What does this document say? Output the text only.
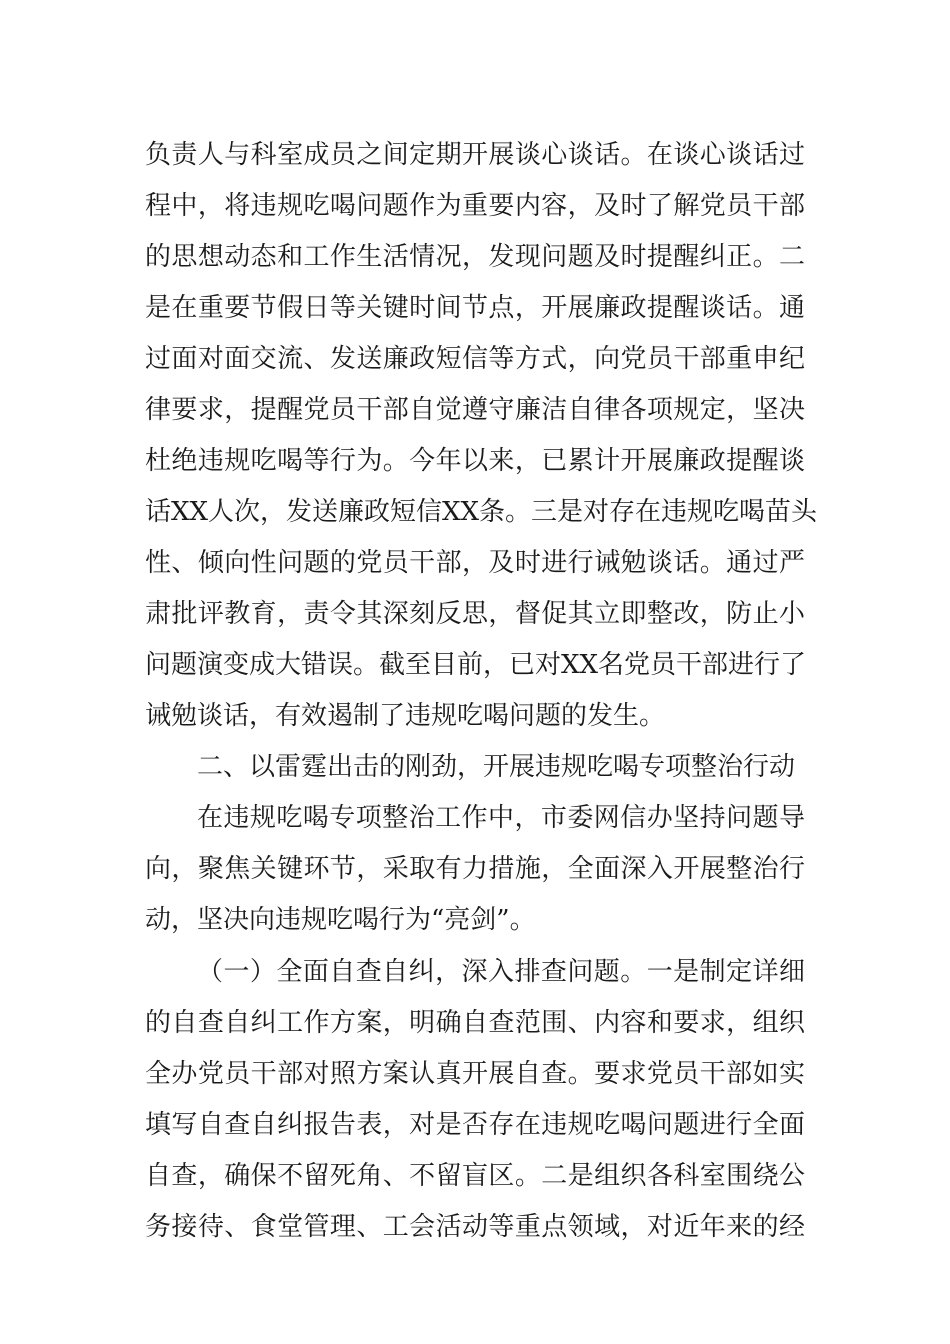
负责人与科室成员之间定期开展谈心谈话。在谈心谈话过
程中，将违规吃喝问题作为重要内容，及时了解党员干部
的思想动态和工作生活情况，发现问题及时提醒纠正。二
是在重要节假日等关键时间节点，开展廉政提醒谈话。通
过面对面交流、发送廉政短信等方式，向党员干部重申纪
律要求，提醒党员干部自觉遵守廉洁自律各项规定，坚决
杜绝违规吃喝等行为。今年以来，已累计开展廉政提醒谈
话XX人次，发送廉政短信XX条。三是对存在违规吃喝苗头
性、倾向性问题的党员干部，及时进行诫勉谈话。通过严
肃批评教育，责令其深刻反思，督促其立即整改，防止小
问题演变成大错误。截至目前，已对XX名党员干部进行了
诫勉谈话，有效遏制了违规吃喝问题的发生。
二、以雷霆出击的刚劲，开展违规吃喝专项整治行动
在违规吃喝专项整治工作中，市委网信办坚持问题导
向，聚焦关键环节，采取有力措施，全面深入开展整治行
动，坚决向违规吃喝行为“亮剑”。
（一）全面自查自纠，深入排查问题。一是制定详细
的自查自纠工作方案，明确自查范围、内容和要求，组织
全办党员干部对照方案认真开展自查。要求党员干部如实
填写自查自纠报告表，对是否存在违规吃喝问题进行全面
自查，确保不留死角、不留盲区。二是组织各科室围绕公
务接待、食堂管理、工会活动等重点领域，对近年来的经
